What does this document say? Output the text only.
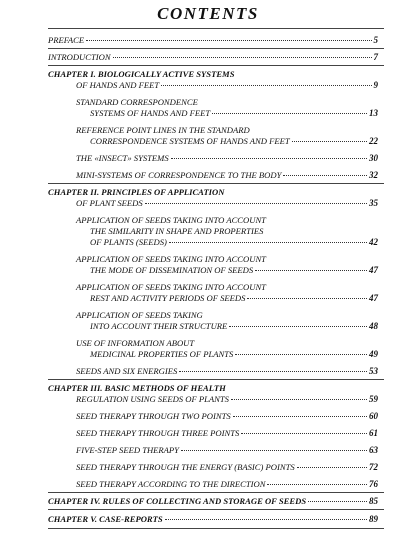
CONTENTS
PREFACE	5
INTRODUCTION	7
CHAPTER I. BIOLOGICALLY ACTIVE SYSTEMS
OF HANDS AND FEET	9
STANDARD CORRESPONDENCE
SYSTEMS OF HANDS AND FEET	13
REFERENCE POINT LINES IN THE STANDARD
CORRESPONDENCE SYSTEMS OF HANDS AND FEET	22
THE «INSECT» SYSTEMS	30
MINI-SYSTEMS OF CORRESPONDENCE TO THE BODY	32
CHAPTER II. PRINCIPLES OF APPLICATION
OF PLANT SEEDS	35
APPLICATION OF SEEDS TAKING INTO ACCOUNT
THE SIMILARITY IN SHAPE AND PROPERTIES
OF PLANTS (SEEDS)	42
APPLICATION OF SEEDS TAKING INTO ACCOUNT
THE MODE OF DISSEMINATION OF SEEDS	47
APPLICATION OF SEEDS TAKING INTO ACCOUNT
REST AND ACTIVITY PERIODS OF SEEDS	47
APPLICATION OF SEEDS TAKING
INTO ACCOUNT THEIR STRUCTURE	48
USE OF INFORMATION ABOUT
MEDICINAL PROPERTIES OF PLANTS	49
SEEDS AND SIX ENERGIES	53
CHAPTER III. BASIC METHODS OF HEALTH
REGULATION USING SEEDS OF PLANTS	59
SEED THERAPY THROUGH TWO POINTS	60
SEED THERAPY THROUGH THREE POINTS	61
FIVE-STEP SEED THERAPY	63
SEED THERAPY THROUGH THE ENERGY (BASIC) POINTS	72
SEED THERAPY ACCORDING TO THE DIRECTION	76
CHAPTER IV. RULES OF COLLECTING AND STORAGE OF SEEDS	85
CHAPTER V. CASE-REPORTS	89
